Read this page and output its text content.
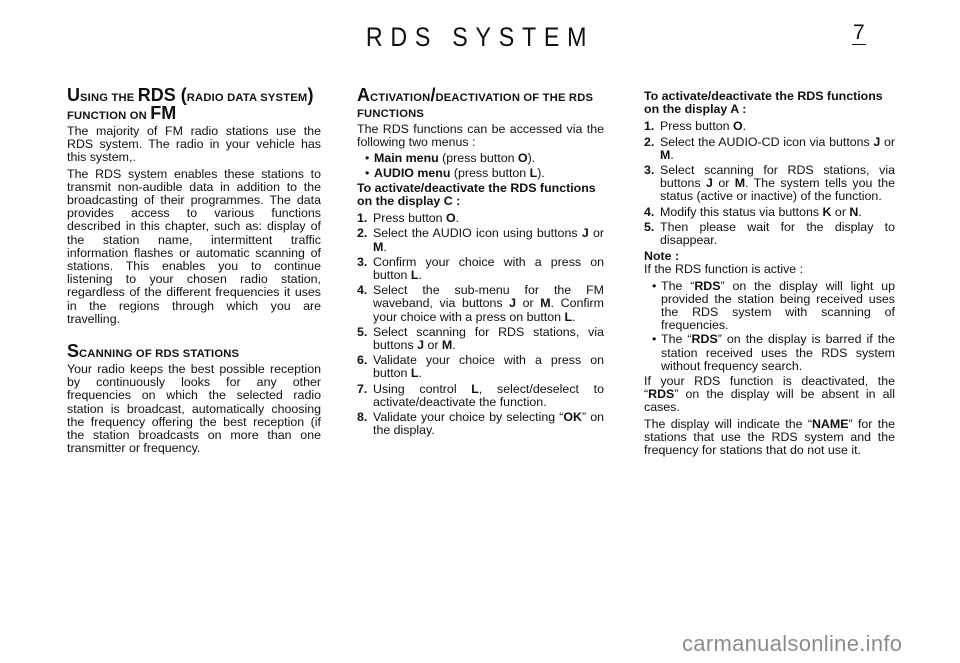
RDS SYSTEM	7
USING THE RDS (RADIO DATA SYSTEM)
FUNCTION ON FM

The majority of FM radio stations use the RDS system. The radio in your vehicle has this system,.

The RDS system enables these stations to transmit non-audible data in addition to the broadcasting of their programmes. The data provides access to various functions described in this chapter, such as: display of the station name, intermittent traffic information flashes or automatic scanning of stations. This enables you to continue listening to your chosen radio station, regardless of the different frequencies it uses in the regions through which you are travelling.

SCANNING OF RDS STATIONS

Your radio keeps the best possible reception by continuously looks for any other frequencies on which the selected radio station is broadcast, automatically choosing the frequency offering the best reception (if the station broadcasts on more than one transmitter or frequency.

ACTIVATION/DEACTIVATION OF THE RDS FUNCTIONS

The RDS functions can be accessed via the following two menus :

• Main menu (press button O).
• AUDIO menu (press button L).
To activate/deactivate the RDS functions on the display C :
1. Press button O.
2. Select the AUDIO icon using buttons J or M.
3. Confirm your choice with a press on button L.
4. Select the sub-menu for the FM waveband, via buttons J or M. Confirm your choice with a press on button L.
5. Select scanning for RDS stations, via buttons J or M.
6. Validate your choice with a press on button L.
7. Using control L, select/deselect to activate/deactivate the function.
8. Validate your choice by selecting “OK” on the display.
To activate/deactivate the RDS functions on the display A :
1. Press button O.
2. Select the AUDIO-CD icon via buttons J or M.
3. Select scanning for RDS stations, via buttons J or M. The system tells you the status (active or inactive) of the function.
4. Modify this status via buttons K or N.
5. Then please wait for the display to disappear.
Note :

If the RDS function is active :

• The “RDS” on the display will light up provided the station being received uses the RDS system with scanning of frequencies.
• The “RDS” on the display is barred if the station received uses the RDS system without frequency search.

If your RDS function is deactivated, the “RDS” on the display will be absent in all cases.

The display will indicate the “NAME” for the stations that use the RDS system and the frequency for stations that do not use it.

carmanualsonline.info
